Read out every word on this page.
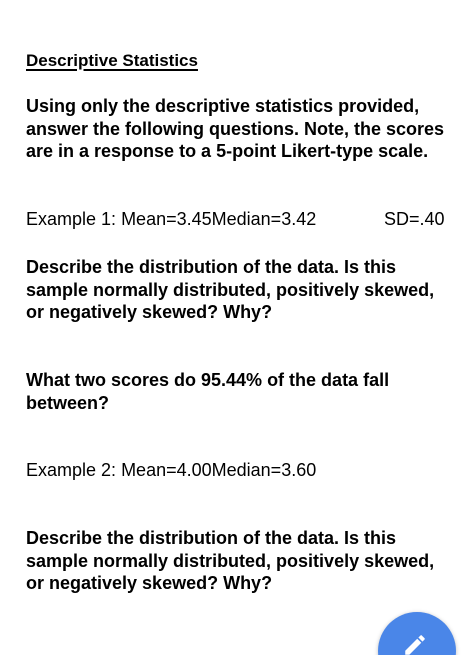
Descriptive Statistics
Using only the descriptive statistics provided, answer the following questions. Note, the scores are in a response to a 5-point Likert-type scale.
Example 1: Mean=3.45Median=3.42	SD=.40
Describe the distribution of the data. Is this sample normally distributed, positively skewed, or negatively skewed? Why?
What two scores do 95.44% of the data fall between?
Example 2: Mean=4.00Median=3.60
Describe the distribution of the data. Is this sample normally distributed, positively skewed, or negatively skewed? Why?
